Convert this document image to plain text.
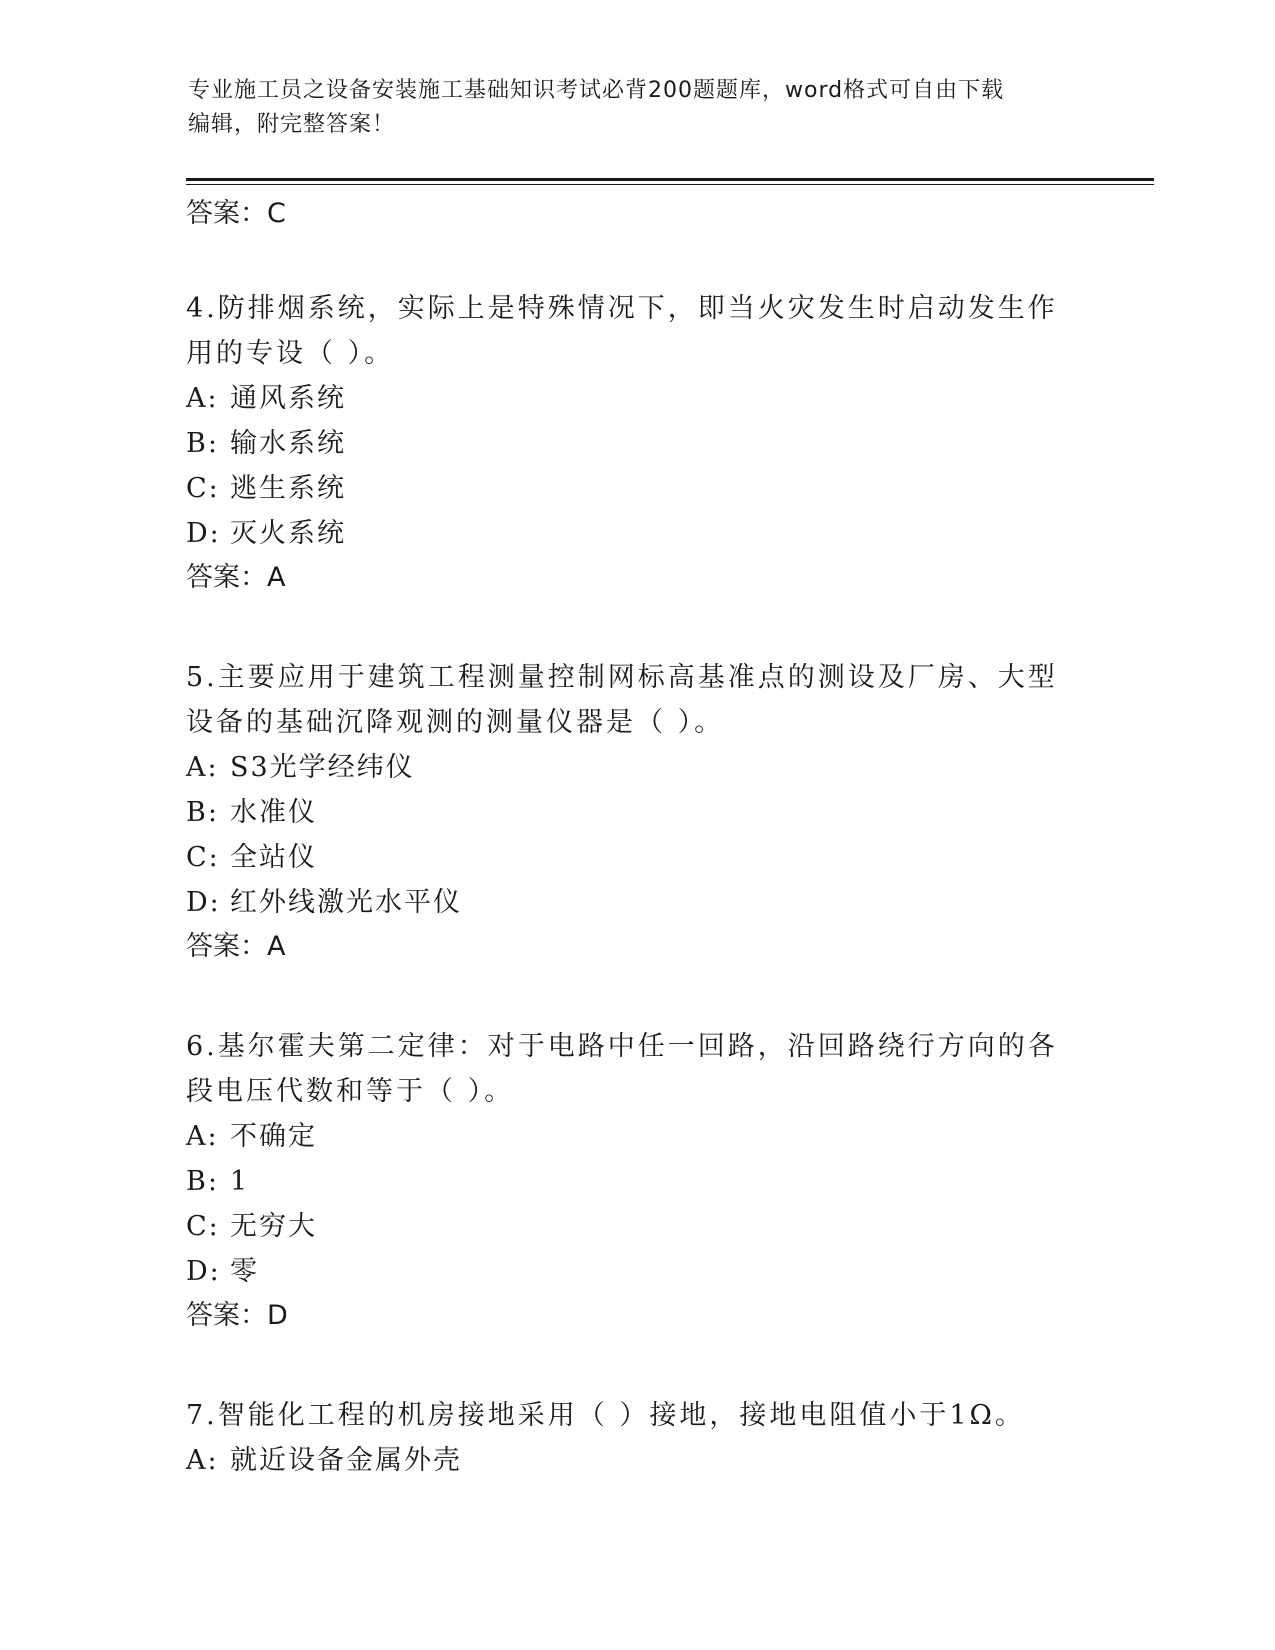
专业施工员之设备安装施工基础知识考试必背200题题库，word格式可自由下载
编辑，附完整答案！

答案：C

4.防排烟系统，实际上是特殊情况下，即当火灾发生时启动发生作用的专设（ ）。

A: 通风系统

B: 输水系统

C: 逃生系统

D: 灭火系统

答案：A

5.主要应用于建筑工程测量控制网标高基准点的测设及厂房、大型设备的基础沉降观测的测量仪器是（ ）。

A: S3光学经纬仪

B: 水准仪

C: 全站仪

D: 红外线激光水平仪

答案：A

6.基尔霍夫第二定律：对于电路中任一回路，沿回路绕行方向的各段电压代数和等于（ ）。

A: 不确定

B: 1

C: 无穷大

D: 零

答案：D

7.智能化工程的机房接地采用（ ）接地，接地电阻值小于1Ω。

A: 就近设备金属外壳
